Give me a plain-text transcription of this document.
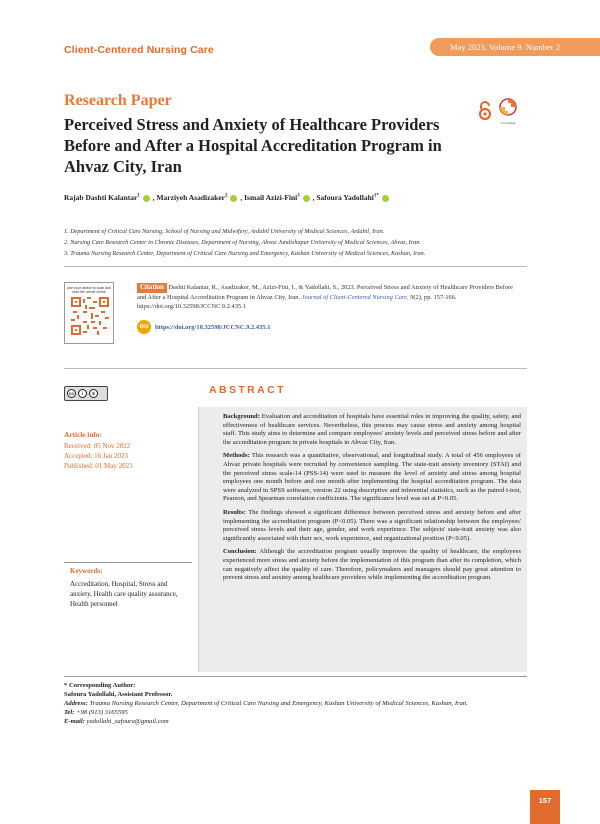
Client-Centered Nursing Care	May 2023. Volume 9. Number 2
Research Paper
Perceived Stress and Anxiety of Healthcare Providers Before and After a Hospital Accreditation Program in Ahvaz City, Iran
CrossMark
Rajab Dashti Kalantar$^1$ , Marziyeh Asadizaker$^2$ , Ismail Azizi-Fini$^3$ , Safoura Yadollahi$^{1*}$
1. Department of Critical Care Nursing, School of Nursing and Midwifery, Ardabil University of Medical Sciences, Ardabil, Iran.
2. Nursing Care Research Center in Chronic Diseases, Department of Nursing, Ahvaz Jundishapur University of Medical Sciences, Ahvaz, Iran.
3. Trauma Nursing Research Center, Department of Critical Care Nursing and Emergency, Kashan University of Medical Sciences, Kashan, Iran.
Use your device to scan and read the article online
Citation Dashti Kalantar, R., Asadizaker, M., Azizi-Fini, I., & Yadollahi, S., 2023. Perceived Stress and Anxiety of Healthcare Providers Before and After a Hospital Accreditation Program in Ahvaz City, Iran. Journal of Client-Centered Nursing Care, 9(2), pp. 157-166. https://doi.org/10.32598/JCCNC.9.2.435.1
doi	https://doi.org/10.32598/JCCNC.9.2.435.1
cc	i	$
Article info:
Received: 05 Nov 2022
Accepted: 16 Jan 2023
Published: 01 May 2023
Keywords:
Accreditation, Hospital, Stress and anxiety, Health care quality assurance, Health personnel
ABSTRACT

Background: Evaluation and accreditation of hospitals have essential roles in improving the quality, safety, and effectiveness of healthcare services. Nevertheless, this process may cause stress and anxiety among hospital staff. This study aims to determine and compare employees' anxiety levels and perceived stress before and after the accreditation program in private hospitals in Ahvaz City, Iran.

Methods: This research was a quantitative, observational, and longitudinal study. A total of 456 employees of Ahvaz private hospitals were recruited by convenience sampling. The state-trait anxiety inventory (STAI) and the perceived stress scale-14 (PSS-14) were used to measure the level of anxiety and stress among hospital employees one month before and one month after implementing the hospital accreditation program. The data were analyzed in SPSS software, version 22 using descriptive and inferential statistics, such as the paired t-test, Pearson, and Spearman correlation coefficients. The significance level was set at P<0.05.

Results: The findings showed a significant difference between perceived stress and anxiety before and after implementing the accreditation program (P<0.05). There was a significant relationship between the employees' perceived stress levels and their age, gender, and work experience. The subjects' state-trait anxiety was also significantly associated with their sex, work experience, and organizational position (P<0.05).

Conclusion: Although the accreditation program usually improves the quality of healthcare, the employees experienced more stress and anxiety before the implementation of this program than after its completion, which can negatively affect the quality of care. Therefore, policymakers and managers should pay great attention to prevent stress and anxiety among healthcare providers while implementing the accreditation program.

* Corresponding Author:
Safoura Yadollahi, Assistant Professor.
Address: Trauma Nursing Research Center, Department of Critical Care Nursing and Emergency, Kashan University of Medical Sciences, Kashan, Iran.
Tel: +98 (913) 3165595
E-mail: yadollahi_safoura@gmail.com
157
